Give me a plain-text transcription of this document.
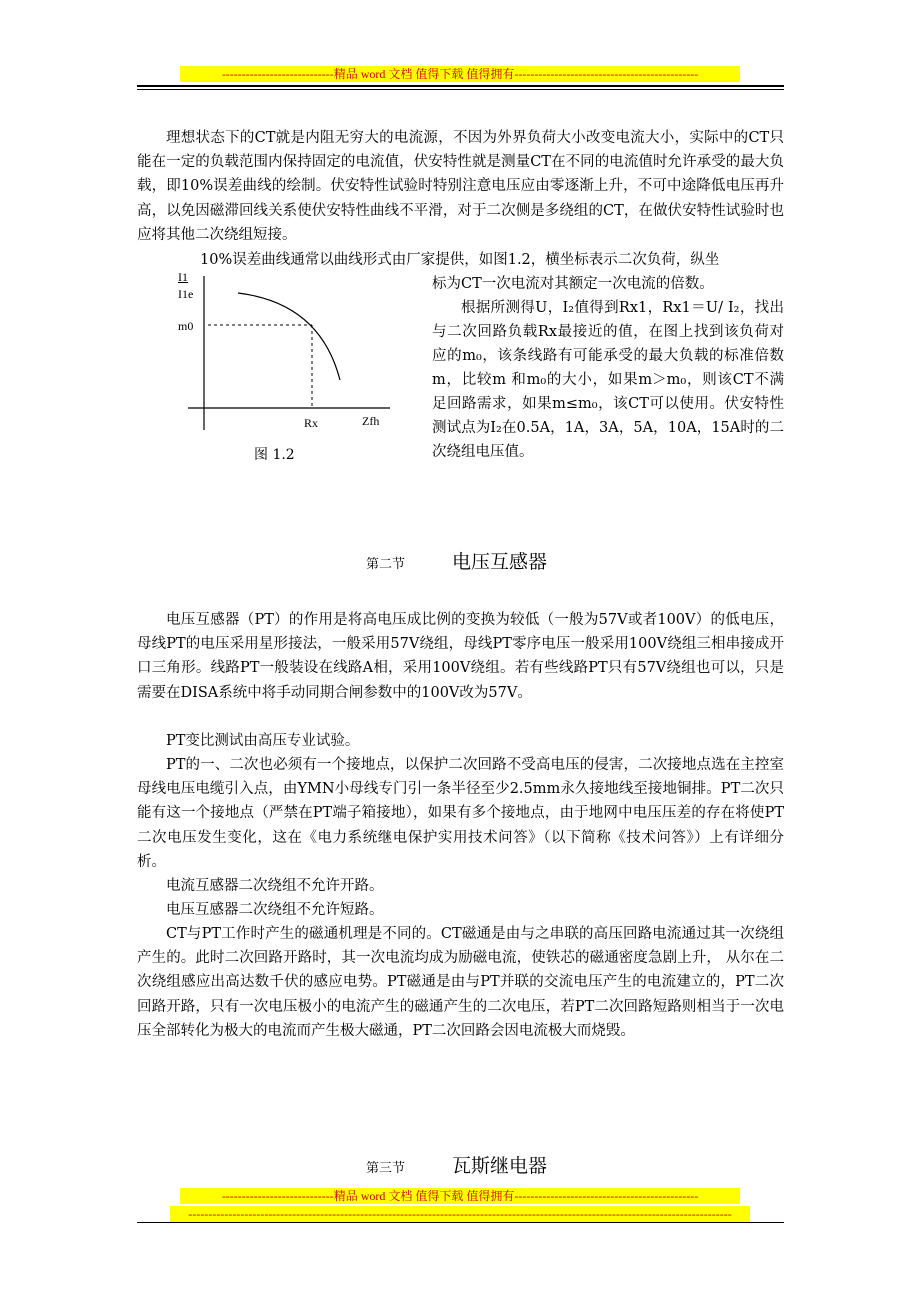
----------------------------精品 word 文档 值得下载 值得拥有----------------------------------------------

理想状态下的CT就是内阻无穷大的电流源，不因为外界负荷大小改变电流大小，实际中的CT只能在一定的负载范围内保持固定的电流值，伏安特性就是测量CT在不同的电流值时允许承受的最大负载，即10%误差曲线的绘制。伏安特性试验时特别注意电压应由零逐渐上升，不可中途降低电压再升高，以免因磁滞回线关系使伏安特性曲线不平滑，对于二次侧是多绕组的CT，在做伏安特性试验时也应将其他二次绕组短接。

10%误差曲线通常以曲线形式由厂家提供，如图1.2，横坐标表示二次负荷，纵坐

标为CT一次电流对其额定一次电流的倍数。

根据所测得U，I₂值得到Rx1，Rx1＝U/ I₂，找出与二次回路负载Rx最接近的值，在图上找到该负荷对应的m₀，该条线路有可能承受的最大负载的标准倍数m，比较m 和m₀的大小，如果m＞m₀，则该CT不满足回路需求，如果m≤m₀，该CT可以使用。伏安特性测试点为I₂在0.5A，1A，3A，5A，10A，15A时的二次绕组电压值。

I1
I1e
m0
Rx	Zfh
图 1.2
第二节 电压互感器

电压互感器（PT）的作用是将高电压成比例的变换为较低（一般为57V或者100V）的低电压，母线PT的电压采用星形接法，一般采用57V绕组，母线PT零序电压一般采用100V绕组三相串接成开口三角形。线路PT一般装设在线路A相，采用100V绕组。若有些线路PT只有57V绕组也可以，只是需要在DISA系统中将手动同期合闸参数中的100V改为57V。

PT变比测试由高压专业试验。

PT的一、二次也必须有一个接地点，以保护二次回路不受高电压的侵害，二次接地点选在主控室母线电压电缆引入点，由YMN小母线专门引一条半径至少2.5mm永久接地线至接地铜排。PT二次只能有这一个接地点（严禁在PT端子箱接地），如果有多个接地点，由于地网中电压压差的存在将使PT二次电压发生变化，这在《电力系统继电保护实用技术问答》（以下简称《技术问答》）上有详细分析。

电流互感器二次绕组不允许开路。

电压互感器二次绕组不允许短路。

CT与PT工作时产生的磁通机理是不同的。CT磁通是由与之串联的高压回路电流通过其一次绕组产生的。此时二次回路开路时，其一次电流均成为励磁电流，使铁芯的磁通密度急剧上升， 从尔在二次绕组感应出高达数千伏的感应电势。PT磁通是由与PT并联的交流电压产生的电流建立的，PT二次回路开路，只有一次电压极小的电流产生的磁通产生的二次电压，若PT二次回路短路则相当于一次电压全部转化为极大的电流而产生极大磁通，PT二次回路会因电流极大而烧毁。

第三节 瓦斯继电器
----------------------------精品 word 文档 值得下载 值得拥有----------------------------------------------
----------------------------------------------------------------------------------------------------------------------------------------
